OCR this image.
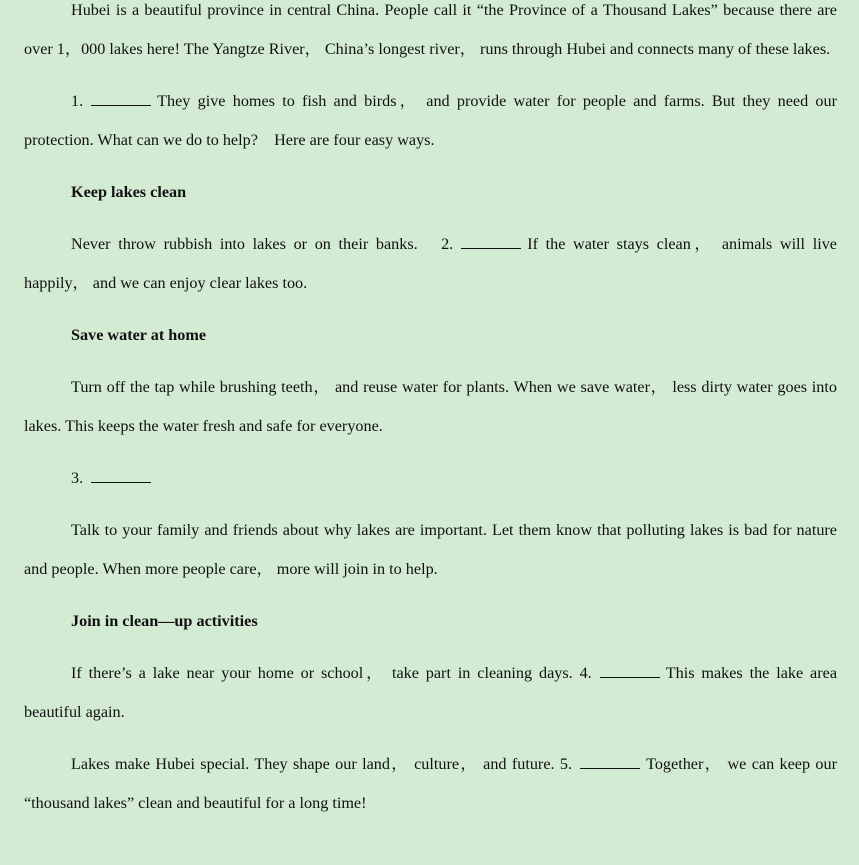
Hubei is a beautiful province in central China. People call it “the Province of a Thousand Lakes” because there are over 1，000 lakes here! The Yangtze River， China’s longest river， runs through Hubei and connects many of these lakes.

1.	They give homes to fish and birds， and provide water for people and farms. But they need our protection. What can we do to help?　Here are four easy ways.

Keep lakes clean

Never throw rubbish into lakes or on their banks.　2.	If the water stays clean， animals will live happily， and we can enjoy clear lakes too.

Save water at home

Turn off the tap while brushing teeth， and reuse water for plants. When we save water， less dirty water goes into lakes. This keeps the water fresh and safe for everyone.

3.

Talk to your family and friends about why lakes are important. Let them know that polluting lakes is bad for nature and people. When more people care， more will join in to help.

Join in clean—up activities

If there’s a lake near your home or school， take part in cleaning days. 4.	This makes the lake area beautiful again.

Lakes make Hubei special. They shape our land， culture， and future. 5.	Together， we can keep our “thousand lakes” clean and beautiful for a long time!
